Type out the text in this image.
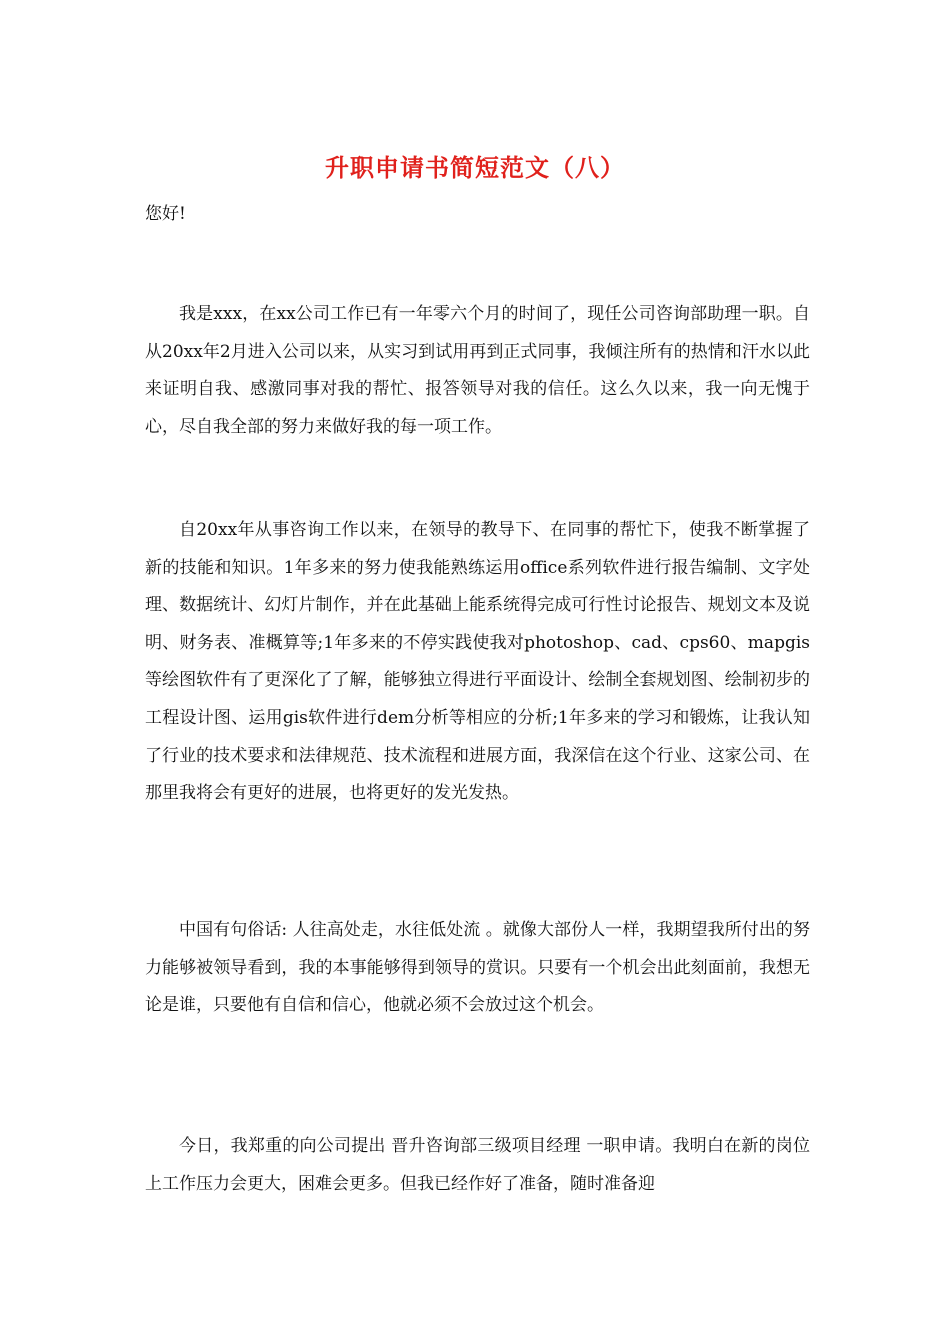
升职申请书简短范文（八）
您好!

我是xxx，在xx公司工作已有一年零六个月的时间了，现任公司咨询部助理一职。自从20xx年2月进入公司以来，从实习到试用再到正式同事，我倾注所有的热情和汗水以此来证明自我、感激同事对我的帮忙、报答领导对我的信任。这么久以来，我一向无愧于心，尽自我全部的努力来做好我的每一项工作。

自20xx年从事咨询工作以来，在领导的教导下、在同事的帮忙下，使我不断掌握了新的技能和知识。1年多来的努力使我能熟练运用office系列软件进行报告编制、文字处理、数据统计、幻灯片制作，并在此基础上能系统得完成可行性讨论报告、规划文本及说明、财务表、准概算等;1年多来的不停实践使我对photoshop、cad、cps60、mapgis等绘图软件有了更深化了了解，能够独立得进行平面设计、绘制全套规划图、绘制初步的工程设计图、运用gis软件进行dem分析等相应的分析;1年多来的学习和锻炼，让我认知了行业的技术要求和法律规范、技术流程和进展方面，我深信在这个行业、这家公司、在那里我将会有更好的进展，也将更好的发光发热。

中国有句俗话: 人往高处走，水往低处流 。就像大部份人一样，我期望我所付出的努力能够被领导看到，我的本事能够得到领导的赏识。只要有一个机会出此刻面前，我想无论是谁，只要他有自信和信心，他就必须不会放过这个机会。

今日，我郑重的向公司提出 晋升咨询部三级项目经理 一职申请。我明白在新的岗位上工作压力会更大，困难会更多。但我已经作好了准备，随时准备迎
